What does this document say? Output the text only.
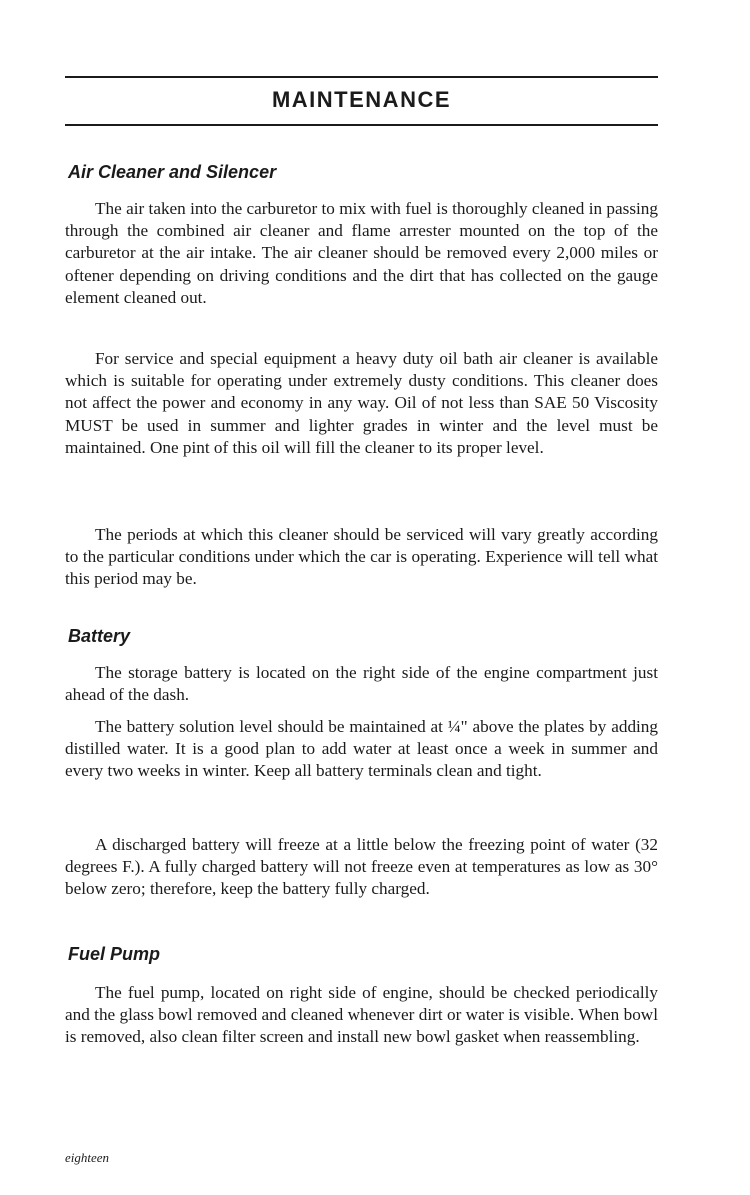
MAINTENANCE
Air Cleaner and Silencer

The air taken into the carburetor to mix with fuel is thoroughly cleaned in passing through the combined air cleaner and flame arrester mounted on the top of the carburetor at the air intake. The air cleaner should be removed every 2,000 miles or oftener depending on driving conditions and the dirt that has collected on the gauge element cleaned out.

For service and special equipment a heavy duty oil bath air cleaner is available which is suitable for operating under extremely dusty conditions. This cleaner does not affect the power and economy in any way. Oil of not less than SAE 50 Viscosity MUST be used in summer and lighter grades in winter and the level must be maintained. One pint of this oil will fill the cleaner to its proper level.

The periods at which this cleaner should be serviced will vary greatly according to the particular conditions under which the car is operating. Experience will tell what this period may be.

Battery

The storage battery is located on the right side of the engine compartment just ahead of the dash.

The battery solution level should be maintained at ¼" above the plates by adding distilled water. It is a good plan to add water at least once a week in summer and every two weeks in winter. Keep all battery terminals clean and tight.

A discharged battery will freeze at a little below the freezing point of water (32 degrees F.). A fully charged battery will not freeze even at temperatures as low as 30° below zero; therefore, keep the battery fully charged.

Fuel Pump

The fuel pump, located on right side of engine, should be checked periodically and the glass bowl removed and cleaned whenever dirt or water is visible. When bowl is removed, also clean filter screen and install new bowl gasket when reassembling.

eighteen
